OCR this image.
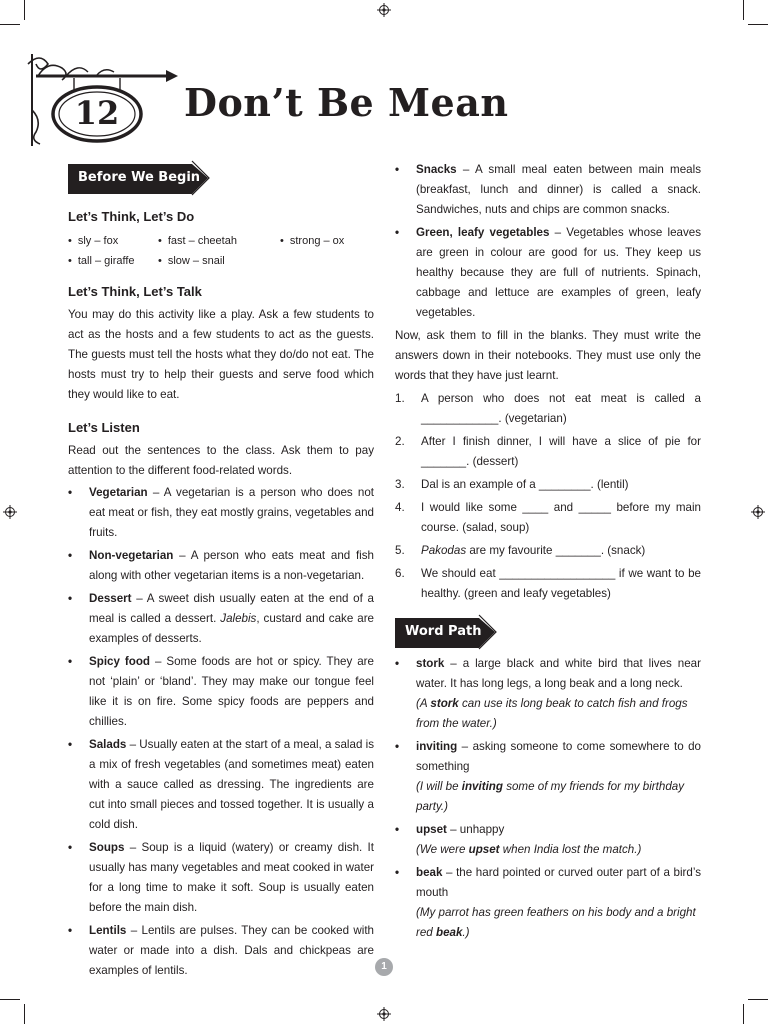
12 Don’t Be Mean
Before We Begin
Let’s Think, Let’s Do
• sly – fox	• fast – cheetah	• strong – ox
• tall – giraffe	• slow – snail
Let’s Think, Let’s Talk

You may do this activity like a play. Ask a few students to act as the hosts and a few students to act as the guests. The guests must tell the hosts what they do/do not eat. The hosts must try to help their guests and serve food which they would like to eat.

Let’s Listen

Read out the sentences to the class. Ask them to pay attention to the different food-related words.

• Vegetarian – A vegetarian is a person who does not eat meat or fish, they eat mostly grains, vegetables and fruits.
• Non-vegetarian – A person who eats meat and fish along with other vegetarian items is a non-vegetarian.
• Dessert – A sweet dish usually eaten at the end of a meal is called a dessert. Jalebis, custard and cake are examples of desserts.
• Spicy food – Some foods are hot or spicy. They are not ‘plain’ or ‘bland’. They may make our tongue feel like it is on fire. Some spicy foods are peppers and chillies.
• Salads – Usually eaten at the start of a meal, a salad is a mix of fresh vegetables (and sometimes meat) eaten with a sauce called as dressing. The ingredients are cut into small pieces and tossed together. It is usually a cold dish.
• Soups – Soup is a liquid (watery) or creamy dish. It usually has many vegetables and meat cooked in water for a long time to make it soft. Soup is usually eaten before the main dish.
• Lentils – Lentils are pulses. They can be cooked with water or made into a dish. Dals and chickpeas are examples of lentils.
• Snacks – A small meal eaten between main meals (breakfast, lunch and dinner) is called a snack. Sandwiches, nuts and chips are common snacks.
• Green, leafy vegetables – Vegetables whose leaves are green in colour are good for us. They keep us healthy because they are full of nutrients. Spinach, cabbage and lettuce are examples of green, leafy vegetables.

Now, ask them to fill in the blanks. They must write the answers down in their notebooks. They must use only the words that they have just learnt.

1. A person who does not eat meat is called a ____________. (vegetarian)
2. After I finish dinner, I will have a slice of pie for _______. (dessert)
3. Dal is an example of a ________. (lentil)
4. I would like some ____ and _____ before my main course. (salad, soup)
5. Pakodas are my favourite _______. (snack)
6. We should eat __________________ if we want to be healthy. (green and leafy vegetables)
Word Path
• stork – a large black and white bird that lives near water. It has long legs, a long beak and a long neck.
(A stork can use its long beak to catch fish and frogs from the water.)
• inviting – asking someone to come somewhere to do something
(I will be inviting some of my friends for my birthday party.)
• upset – unhappy
(We were upset when India lost the match.)
• beak – the hard pointed or curved outer part of a bird’s mouth
(My parrot has green feathers on his body and a bright red beak.)
1
